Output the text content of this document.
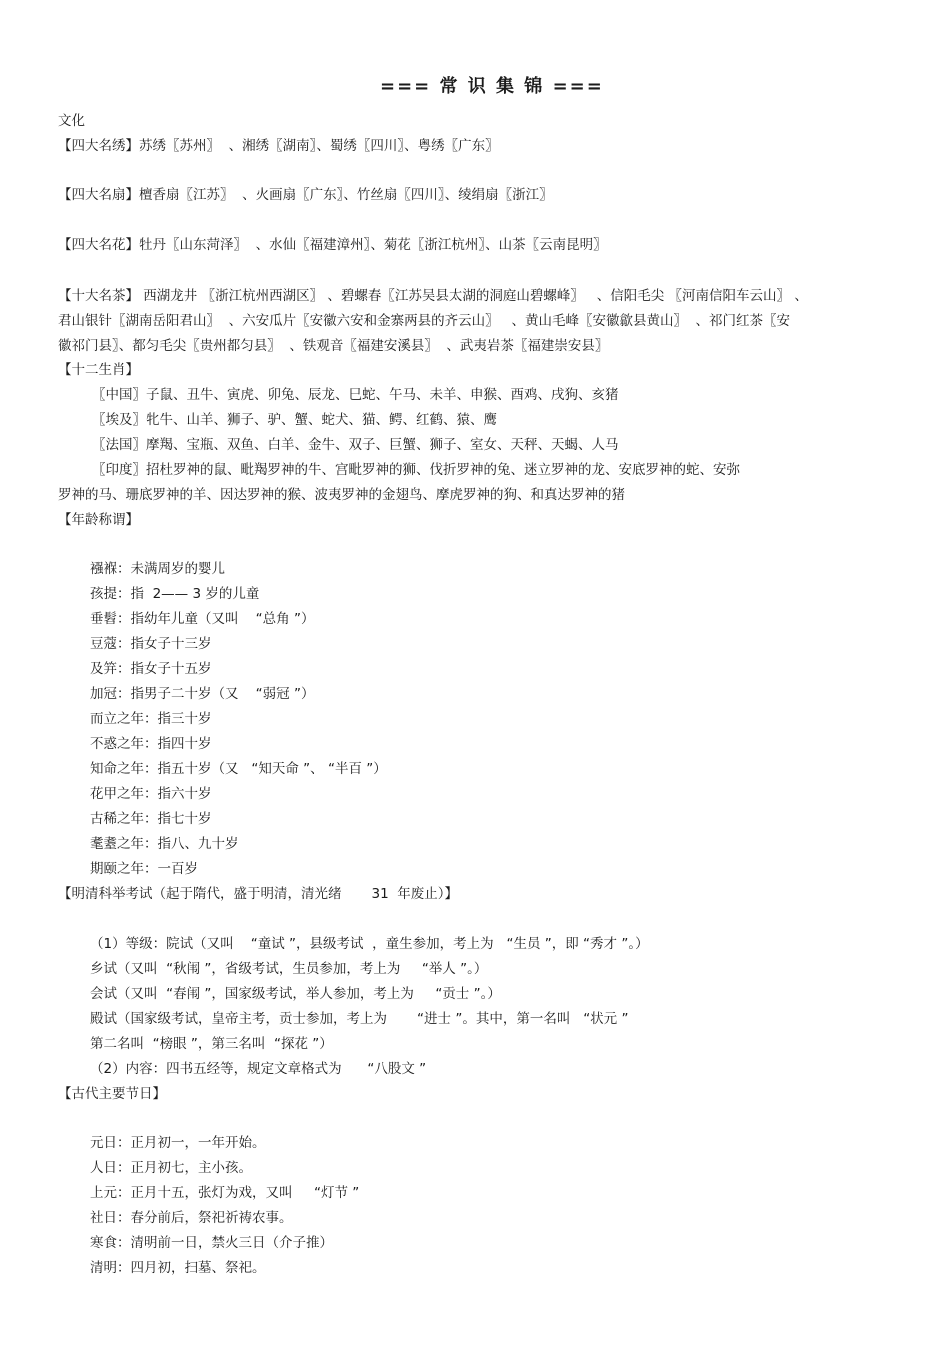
=== 常 识 集 锦 ===
文化
【四大名绣】苏绣〖苏州〗  、湘绣〖湖南〗、蜀绣〖四川〗、粤绣〖广东〗
【四大名扇】檀香扇〖江苏〗  、火画扇〖广东〗、竹丝扇〖四川〗、绫绢扇〖浙江〗
【四大名花】牡丹〖山东菏泽〗  、水仙〖福建漳州〗、菊花〖浙江杭州〗、山茶〖云南昆明〗
【十大名茶】 西湖龙井 〖浙江杭州西湖区〗 、碧螺春〖江苏吴县太湖的洞庭山碧螺峰〗   、信阳毛尖 〖河南信阳车云山〗 、
君山银针〖湖南岳阳君山〗  、六安瓜片〖安徽六安和金寨两县的齐云山〗   、黄山毛峰〖安徽歙县黄山〗  、祁门红茶〖安
徽祁门县〗、都匀毛尖〖贵州都匀县〗  、铁观音〖福建安溪县〗  、武夷岩茶〖福建崇安县〗
【十二生肖】
〖中国〗子鼠、丑牛、寅虎、卯兔、辰龙、巳蛇、午马、未羊、申猴、酉鸡、戌狗、亥猪
〖埃及〗牝牛、山羊、狮子、驴、蟹、蛇犬、猫、鳄、红鹤、猿、鹰
〖法国〗摩羯、宝瓶、双鱼、白羊、金牛、双子、巨蟹、狮子、室女、天秤、天蝎、人马
〖印度〗招杜罗神的鼠、毗羯罗神的牛、宫毗罗神的狮、伐折罗神的兔、迷立罗神的龙、安底罗神的蛇、安弥
罗神的马、珊底罗神的羊、因达罗神的猴、波夷罗神的金翅鸟、摩虎罗神的狗、和真达罗神的猪
【年龄称谓】
襁褓：未满周岁的婴儿
孩提：指  2—— 3 岁的儿童
垂髫：指幼年儿童（又叫    “总角 ”）
豆蔻：指女子十三岁
及笄：指女子十五岁
加冠：指男子二十岁（又    “弱冠 ”）
而立之年：指三十岁
不惑之年：指四十岁
知命之年：指五十岁（又   “知天命 ”、 “半百 ”）
花甲之年：指六十岁
古稀之年：指七十岁
耄耋之年：指八、九十岁
期颐之年：一百岁
【明清科举考试（起于隋代，盛于明清，清光绪       31  年废止）】
（1）等级：院试（又叫    “童试 ”，县级考试  ，童生参加，考上为   “生员 ”，即 “秀才 ”。）
乡试（又叫  “秋闱 ”，省级考试，生员参加，考上为     “举人 ”。）
会试（又叫  “春闱 ”，国家级考试，举人参加，考上为     “贡士 ”。）
殿试（国家级考试，皇帝主考，贡士参加，考上为       “进士 ”。其中，第一名叫   “状元 ”
第二名叫  “榜眼 ”，第三名叫  “探花 ”）
（2）内容：四书五经等，规定文章格式为      “八股文 ”
【古代主要节日】
元日：正月初一，一年开始。
人日：正月初七，主小孩。
上元：正月十五，张灯为戏，又叫     “灯节 ”
社日：春分前后，祭祀祈祷农事。
寒食：清明前一日，禁火三日（介子推）
清明：四月初，扫墓、祭祀。
